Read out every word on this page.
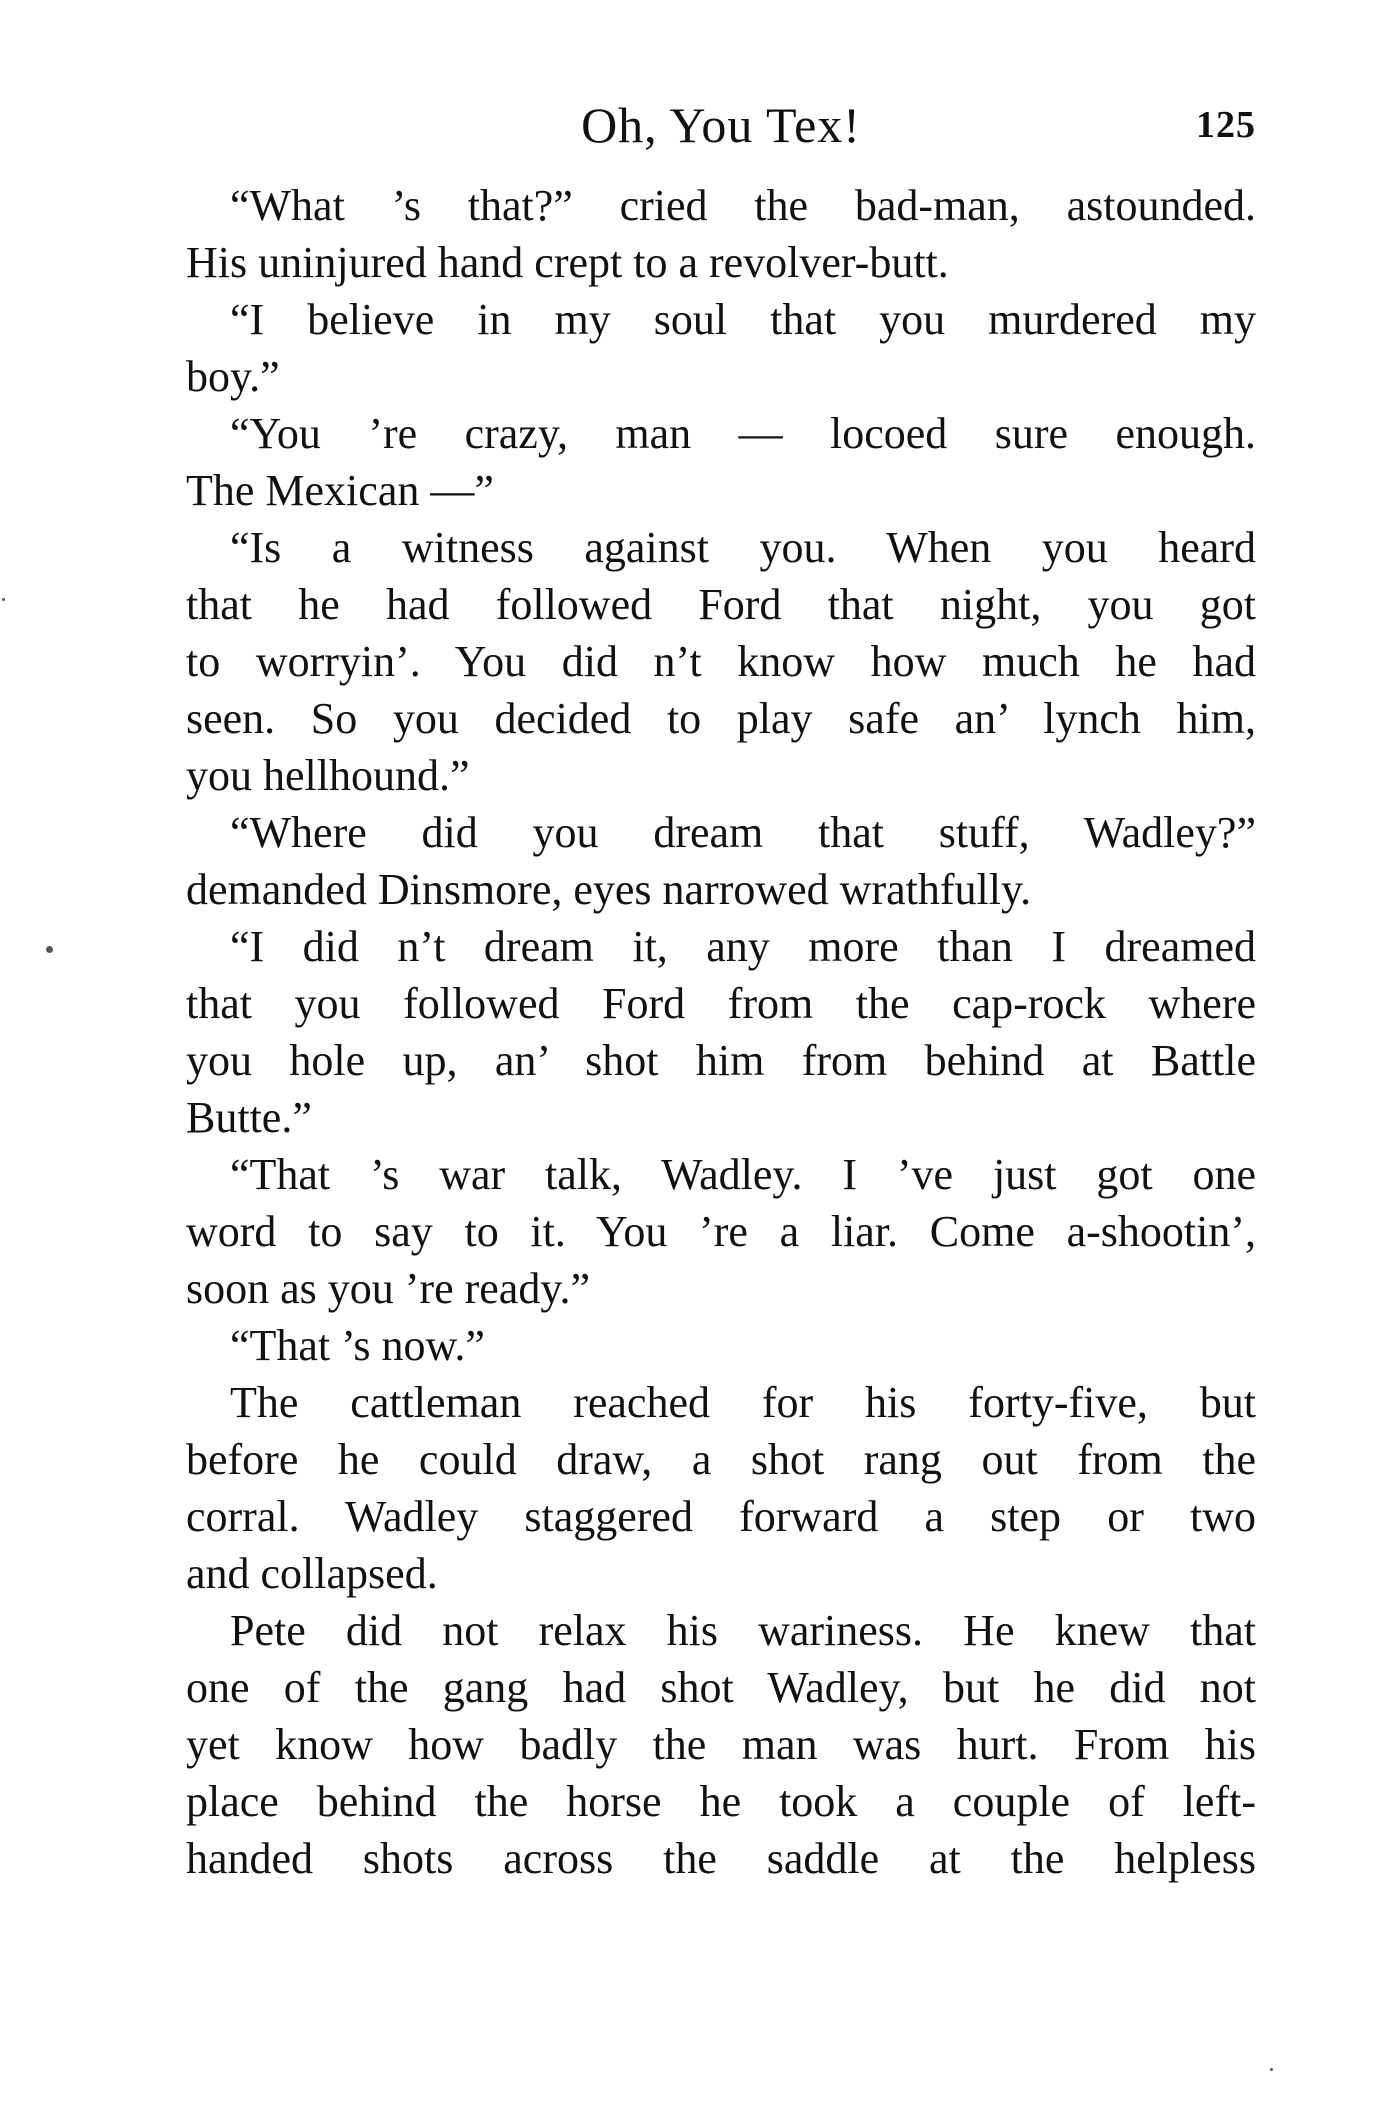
Oh, You Tex!	125
“What ’s that?” cried the bad-man, astounded.
His uninjured hand crept to a revolver-butt.
“I believe in my soul that you murdered my
boy.”
“You ’re crazy, man — locoed sure enough.
The Mexican —”
“Is a witness against you. When you heard
that he had followed Ford that night, you got
to worryin’. You did n’t know how much he had
seen. So you decided to play safe an’ lynch him,
you hellhound.”
“Where did you dream that stuff, Wadley?”
demanded Dinsmore, eyes narrowed wrathfully.
“I did n’t dream it, any more than I dreamed
that you followed Ford from the cap-rock where
you hole up, an’ shot him from behind at Battle
Butte.”
“That ’s war talk, Wadley. I ’ve just got one
word to say to it. You ’re a liar. Come a-shootin’,
soon as you ’re ready.”
“That ’s now.”
The cattleman reached for his forty-five, but
before he could draw, a shot rang out from the
corral. Wadley staggered forward a step or two
and collapsed.
Pete did not relax his wariness. He knew that
one of the gang had shot Wadley, but he did not
yet know how badly the man was hurt. From his
place behind the horse he took a couple of left-
handed shots across the saddle at the helpless
